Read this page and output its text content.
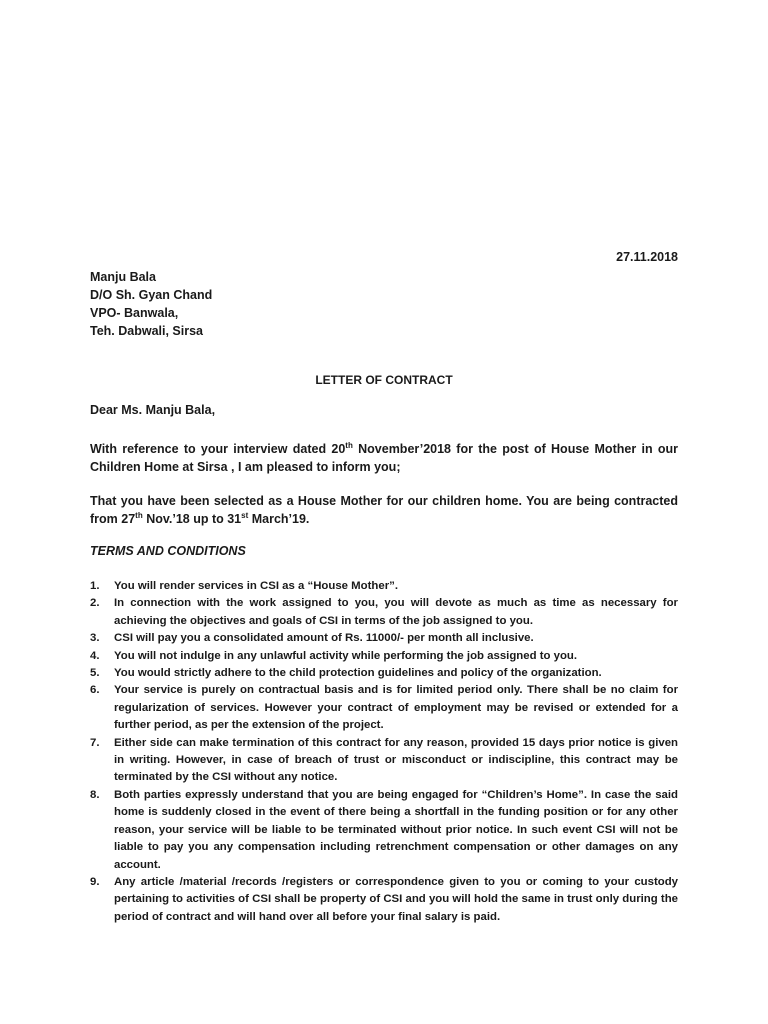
27.11.2018
Manju Bala
D/O Sh. Gyan Chand
VPO- Banwala,
Teh. Dabwali, Sirsa
LETTER OF CONTRACT
Dear Ms. Manju Bala,
With reference to your interview dated 20th November’2018 for the post of House Mother in our Children Home at Sirsa , I am pleased to inform you;
That you have been selected as a House Mother for our children home. You are being contracted from 27th Nov.’18 up to 31st March’19.
TERMS AND CONDITIONS
1. You will render services in CSI as a “House Mother”.
2. In connection with the work assigned to you, you will devote as much as time as necessary for achieving the objectives and goals of CSI in terms of the job assigned to you.
3. CSI will pay you a consolidated amount of Rs. 11000/- per month all inclusive.
4. You will not indulge in any unlawful activity while performing the job assigned to you.
5. You would strictly adhere to the child protection guidelines and policy of the organization.
6. Your service is purely on contractual basis and is for limited period only. There shall be no claim for regularization of services. However your contract of employment may be revised or extended for a further period, as per the extension of the project.
7. Either side can make termination of this contract for any reason, provided 15 days prior notice is given in writing. However, in case of breach of trust or misconduct or indiscipline, this contract may be terminated by the CSI without any notice.
8. Both parties expressly understand that you are being engaged for “Children’s Home”. In case the said home is suddenly closed in the event of there being a shortfall in the funding position or for any other reason, your service will be liable to be terminated without prior notice. In such event CSI will not be liable to pay you any compensation including retrenchment compensation or other damages on any account.
9. Any article /material /records /registers or correspondence given to you or coming to your custody pertaining to activities of CSI shall be property of CSI and you will hold the same in trust only during the period of contract and will hand over all before your final salary is paid.
